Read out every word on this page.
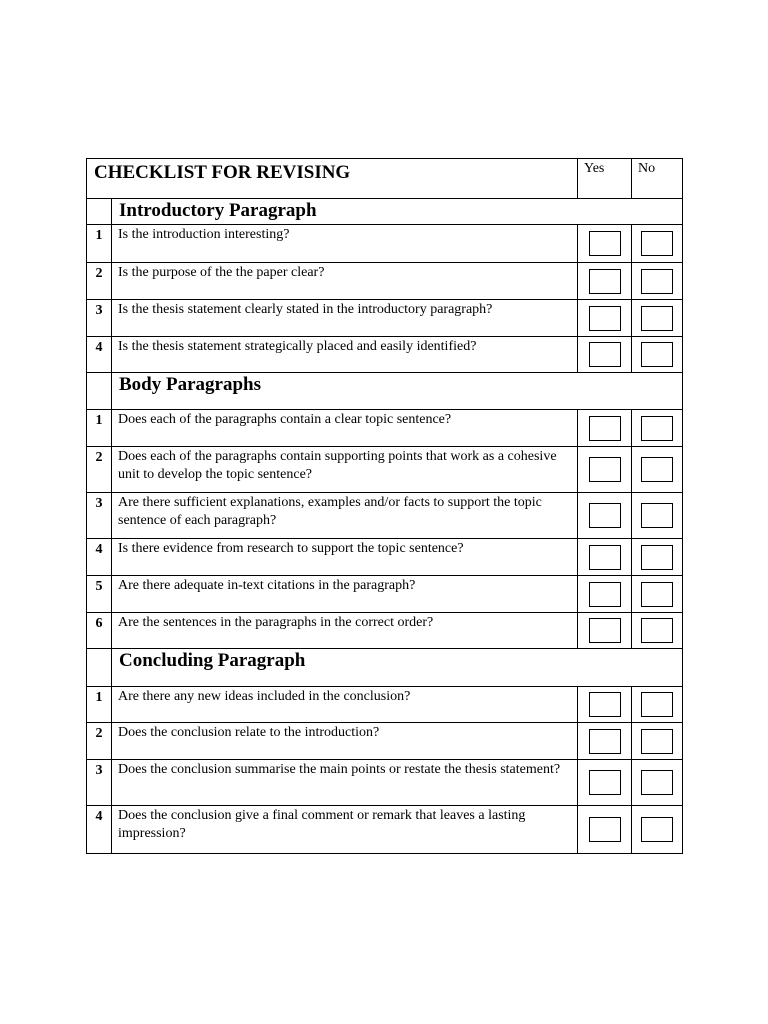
CHECKLIST FOR REVISING		Yes	No
	Introductory Paragraph		
1	Is the introduction interesting?		
2	Is the purpose of the the paper clear?		
3	Is the thesis statement clearly stated in the introductory paragraph?		
4	Is the thesis statement strategically placed and easily identified?		
	Body Paragraphs		
1	Does each of the paragraphs contain a clear topic sentence?		
2	Does each of the paragraphs contain supporting points that work as a cohesive unit to develop the topic sentence?		
3	Are there sufficient explanations, examples and/or facts to support the topic sentence of each paragraph?		
4	Is there evidence from research to support the topic sentence?		
5	Are there adequate in-text citations in the paragraph?		
6	Are the sentences in the paragraphs in the correct order?		
	Concluding Paragraph		
1	Are there any new ideas included in the conclusion?		
2	Does the conclusion relate to the introduction?		
3	Does the conclusion summarise the main points or restate the thesis statement?		
4	Does the conclusion give a final comment or remark that leaves a lasting impression?		
